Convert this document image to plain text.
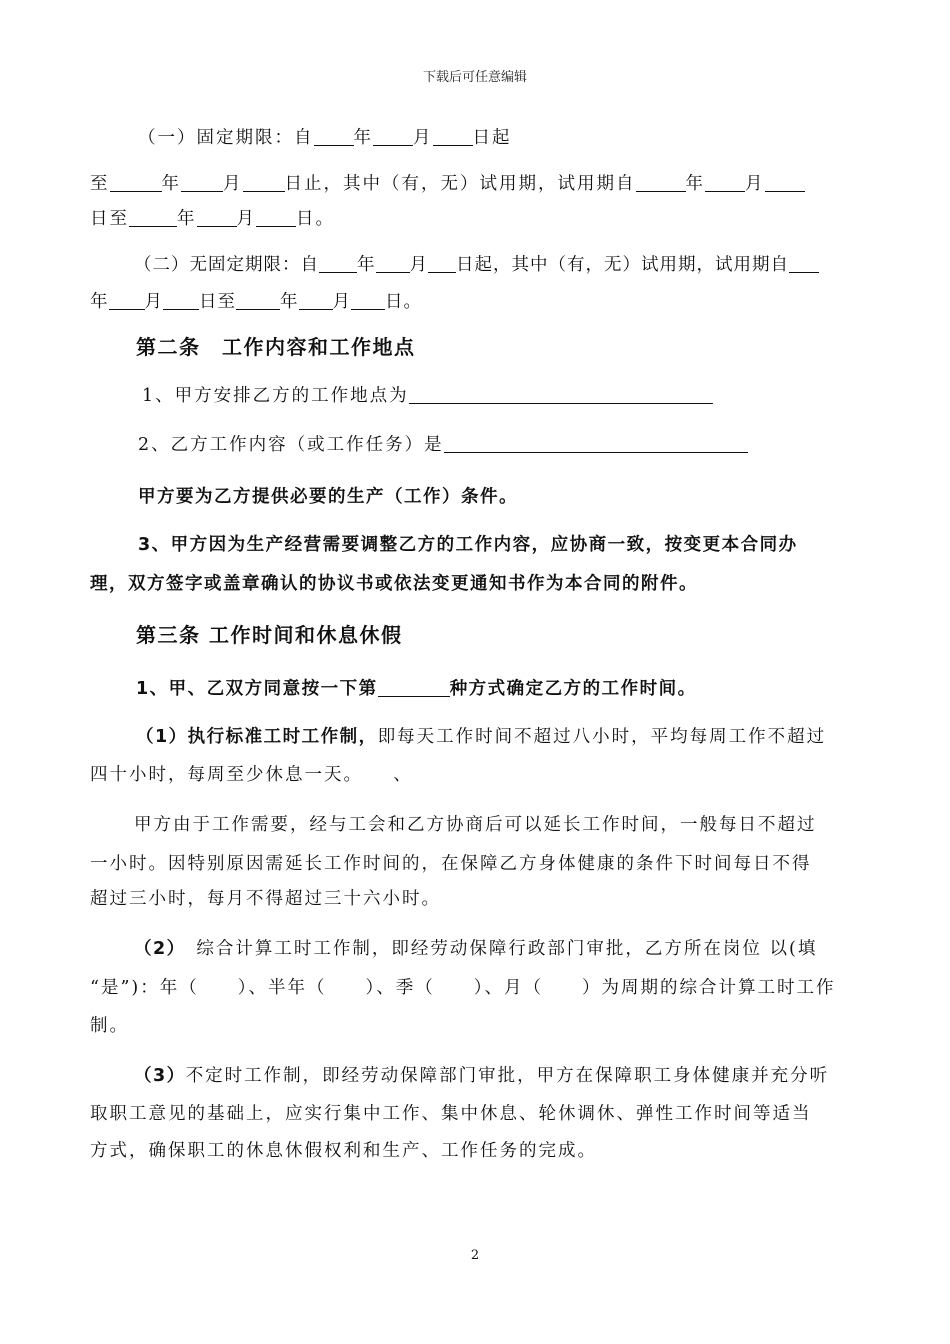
下载后可任意编辑
（一）固定期限：自 年 月 日起
至	年 月 日止，其中（有，无）试用期，试用期自	年 月
日至	年 月 日。
（二）无固定期限：自 年 月 日起，其中（有，无）试用期，试用期自
年 月 日至	年 月 日。
第二条　工作内容和工作地点
1、甲方安排乙方的工作地点为
2、乙方工作内容（或工作任务）是
甲方要为乙方提供必要的生产（工作）条件。
3、甲方因为生产经营需要调整乙方的工作内容，应协商一致，按变更本合同办
理，双方签字或盖章确认的协议书或依法变更通知书作为本合同的附件。
第三条 工作时间和休息休假
1、甲、乙双方同意按一下第	种方式确定乙方的工作时间。
（1）执行标准工时工作制，即每天工作时间不超过八小时，平均每周工作不超过
四十小时，每周至少休息一天。　　、
甲方由于工作需要，经与工会和乙方协商后可以延长工作时间，一般每日不超过
一小时。因特别原因需延长工作时间的，在保障乙方身体健康的条件下时间每日不得
超过三小时，每月不得超过三十六小时。
（2）　综合计算工时工作制，即经劳动保障行政部门审批，乙方所在岗位 以(填
“是”)：年（　　）、半年（　　）、季（　　）、月（　　）为周期的综合计算工时工作
制。
（3）不定时工作制，即经劳动保障部门审批，甲方在保障职工身体健康并充分听
取职工意见的基础上，应实行集中工作、集中休息、轮休调休、弹性工作时间等适当
方式，确保职工的休息休假权利和生产、工作任务的完成。
2
